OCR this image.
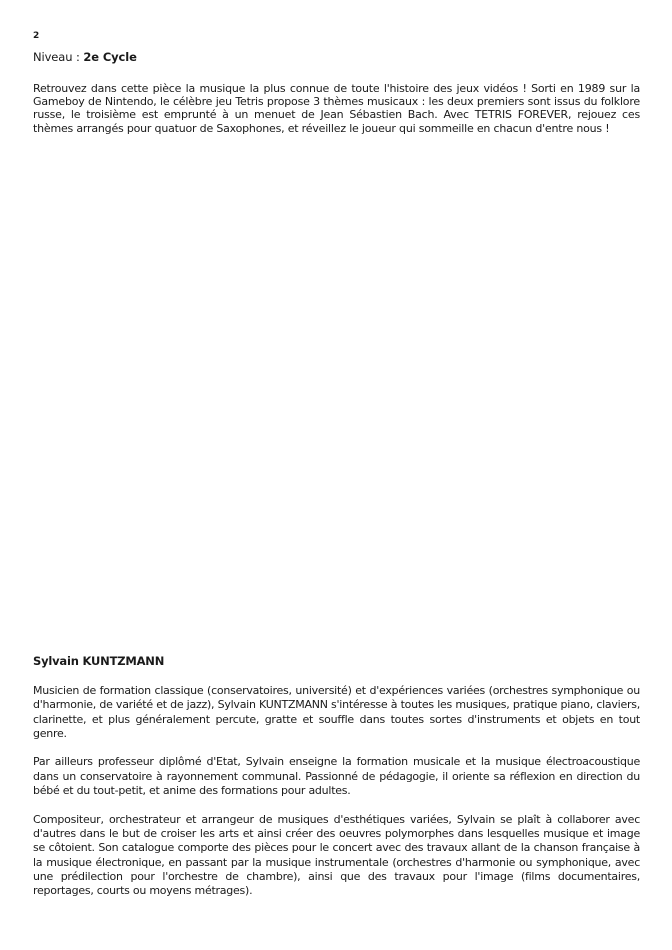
2
Niveau : 2e Cycle

Retrouvez dans cette pièce la musique la plus connue de toute l'histoire des jeux vidéos ! Sorti en 1989 sur la Gameboy de Nintendo, le célèbre jeu Tetris propose 3 thèmes musicaux : les deux premiers sont issus du folklore russe, le troisième est emprunté à un menuet de Jean Sébastien Bach. Avec TETRIS FOREVER, rejouez ces thèmes arrangés pour quatuor de Saxophones, et réveillez le joueur qui sommeille en chacun d'entre nous !

Sylvain KUNTZMANN

Musicien de formation classique (conservatoires, université) et d'expériences variées (orchestres symphonique ou d'harmonie, de variété et de jazz), Sylvain KUNTZMANN s'intéresse à toutes les musiques, pratique piano, claviers, clarinette, et plus généralement percute, gratte et souffle dans toutes sortes d'instruments et objets en tout genre.

Par ailleurs professeur diplômé d'Etat, Sylvain enseigne la formation musicale et la musique électroacoustique dans un conservatoire à rayonnement communal. Passionné de pédagogie, il oriente sa réflexion en direction du bébé et du tout-petit, et anime des formations pour adultes.

Compositeur, orchestrateur et arrangeur de musiques d'esthétiques variées, Sylvain se plaît à collaborer avec d'autres dans le but de croiser les arts et ainsi créer des oeuvres polymorphes dans lesquelles musique et image se côtoient. Son catalogue comporte des pièces pour le concert avec des travaux allant de la chanson française à la musique électronique, en passant par la musique instrumentale (orchestres d'harmonie ou symphonique, avec une prédilection pour l'orchestre de chambre), ainsi que des travaux pour l'image (films documentaires, reportages, courts ou moyens métrages).
